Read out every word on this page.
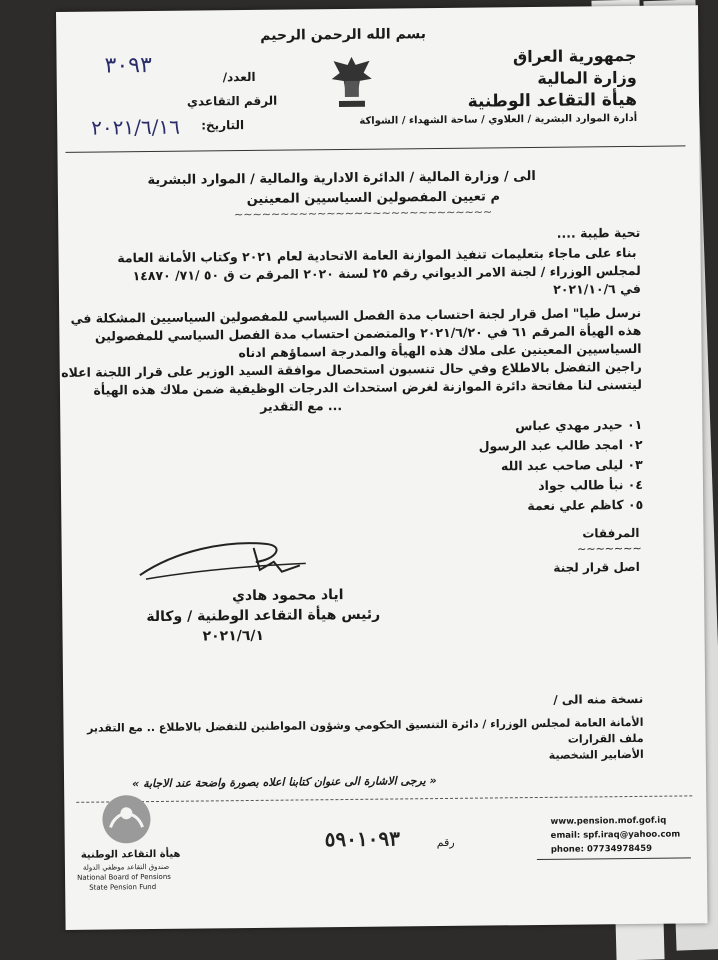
بسم الله الرحمن الرحيم
جمهورية العراق
وزارة المالية
هيأة التقاعد الوطنية
أدارة الموارد البشرية / العلاوي / ساحة الشهداء / الشواكة
العدد/
الرقم التقاعدي
التاريخ:
٣٠٩٣
٢٠٢١/٦/١٦
الى / وزارة المالية / الدائرة الادارية والمالية / الموارد البشرية
م تعيين المفصولين السياسيين المعينين
~~~~~~~~~~~~~~~~~~~~~~~~~~~~
تحية طيبة ....
بناء على ماجاء بتعليمات تنفيذ الموازنة العامة الاتحادية لعام ٢٠٢١ وكتاب الأمانة العامة
لمجلس الوزراء / لجنة الامر الديواني رقم ٢٥ لسنة ٢٠٢٠ المرقم ت ق ٥٠ /٧١/ ١٤٨٧٠
في ٢٠٢١/١٠/٦
نرسل طيا" اصل قرار لجنة احتساب مدة الفصل السياسي للمفصولين السياسيين المشكلة في
هذه الهيأة المرقم ٦١ في ٢٠٢١/٦/٢٠ والمتضمن احتساب مدة الفصل السياسي للمفصولين
السياسيين المعينين على ملاك هذه الهيأة والمدرجة اسماؤهم ادناه
راجين التفضل بالاطلاع وفي حال تنسبون استحصال موافقة السيد الوزير على قرار اللجنة اعلاه
ليتسنى لنا مفاتحة دائرة الموازنة لغرض استحداث الدرجات الوظيفية ضمن ملاك هذه الهيأة
... مع التقدير
٠١ حيدر مهدي عباس
٠٢ امجد طالب عبد الرسول
٠٣ ليلى صاحب عبد الله
٠٤ نبأ طالب جواد
٠٥ كاظم علي نعمة
المرفقات
~~~~~~~
اصل قرار لجنة
اياد محمود هادي
رئيس هيأة التقاعد الوطنية / وكالة
٢٠٢١/٦/١
نسخة منه الى /
الأمانة العامة لمجلس الوزراء / دائرة التنسيق الحكومي وشؤون المواطنين للتفضل بالاطلاع .. مع التقدير
ملف القرارات
الأضابير الشخصية
« يرجى الاشارة الى عنوان كتابنا اعلاه بصورة واضحة عند الاجابة »
هيأة التقاعد الوطنية
صندوق التقاعد موظفي الدولة
National Board of Pensions
State Pension Fund
رقم
٥٩٠١٠٩٣
www.pension.mof.gof.iq
email: spf.iraq@yahoo.com
phone: 07734978459
